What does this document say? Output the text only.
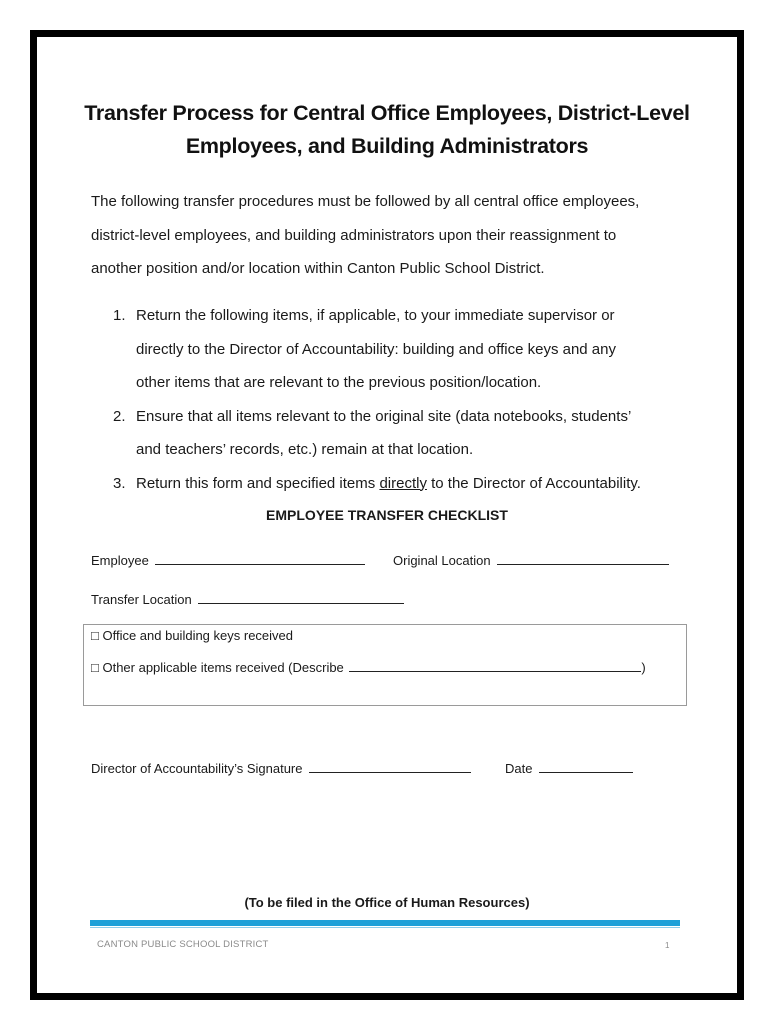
Transfer Process for Central Office Employees, District-Level
Employees, and Building Administrators
The following transfer procedures must be followed by all central office employees,
district-level employees, and building administrators upon their reassignment to
another position and/or location within Canton Public School District.
1. Return the following items, if applicable, to your immediate supervisor or
directly to the Director of Accountability: building and office keys and any
other items that are relevant to the previous position/location.
2. Ensure that all items relevant to the original site (data notebooks, students’
and teachers’ records, etc.) remain at that location.
3. Return this form and specified items directly to the Director of Accountability.
EMPLOYEE TRANSFER CHECKLIST
Employee	Original Location
Transfer Location
□ Office and building keys received
□ Other applicable items received (Describe	)
Director of Accountability’s Signature	Date
(To be filed in the Office of Human Resources)
CANTON PUBLIC SCHOOL DISTRICT	1
